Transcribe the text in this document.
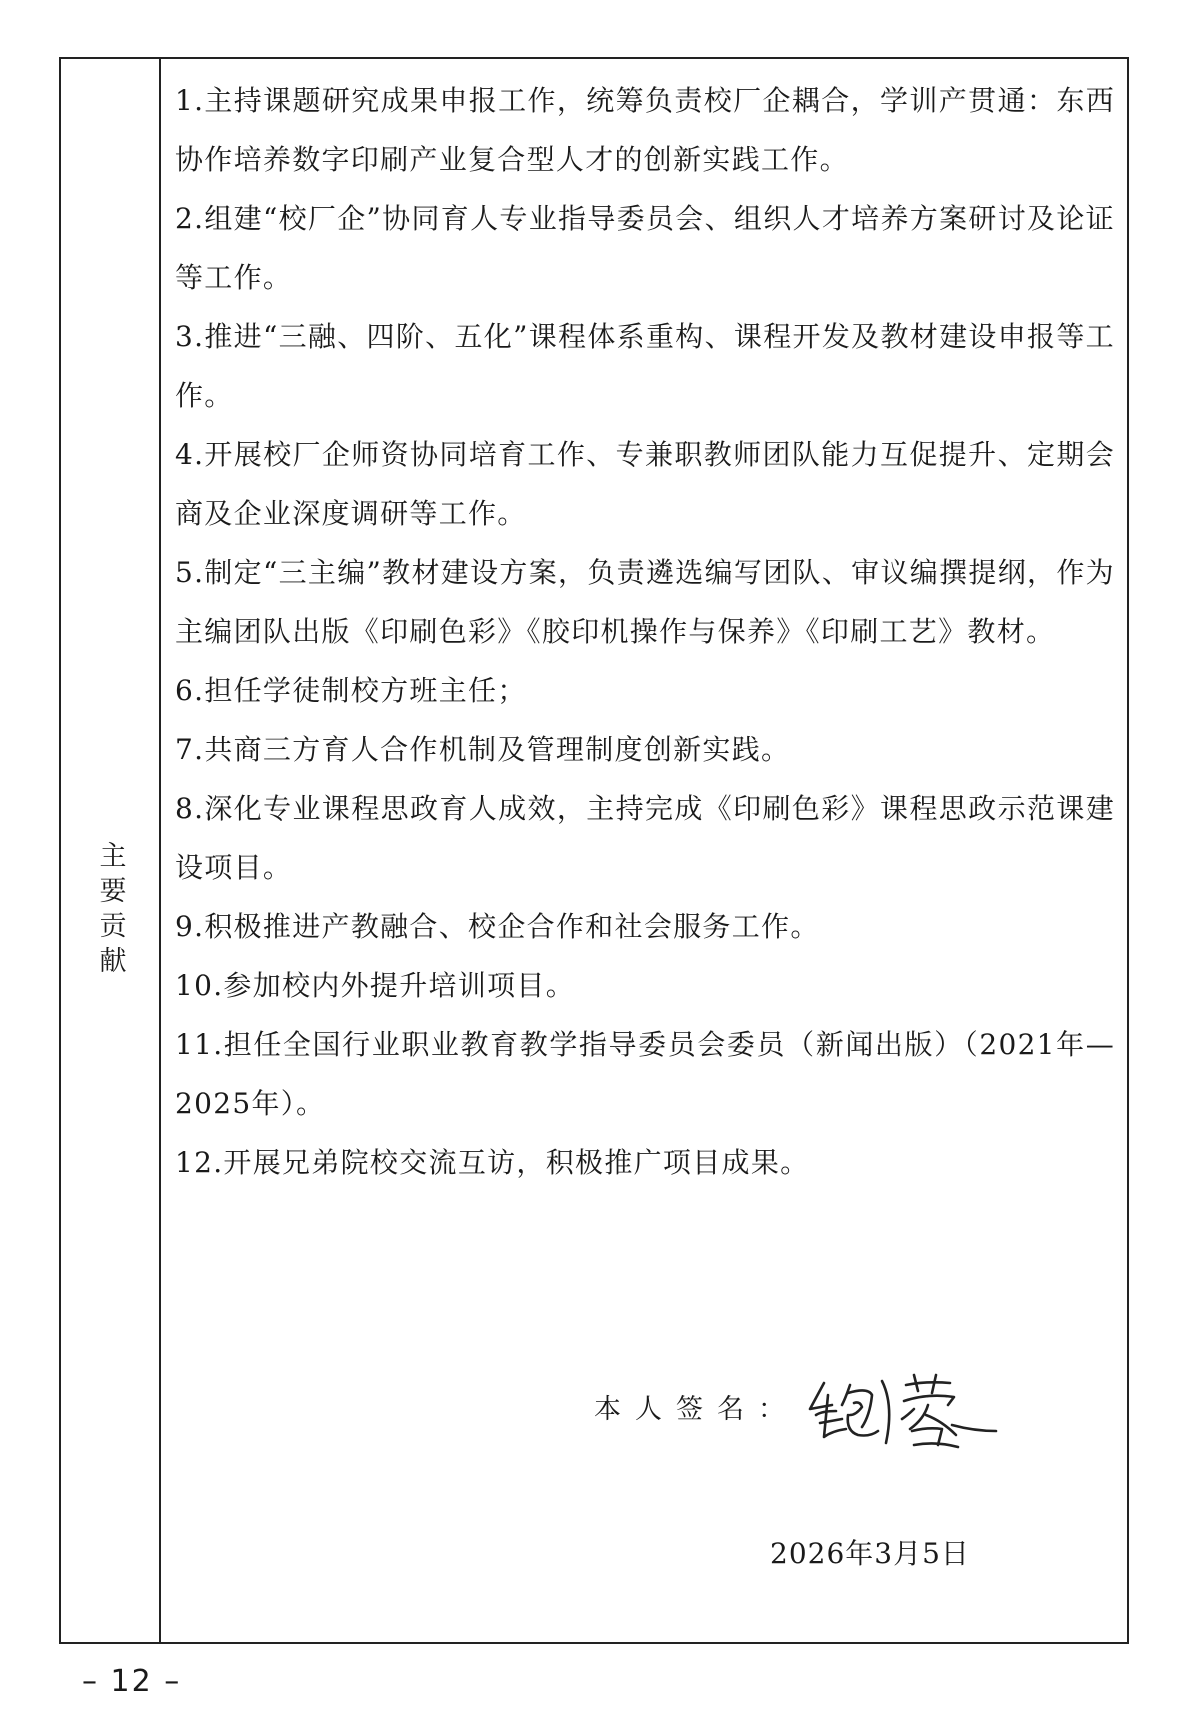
主要贡献

1.主持课题研究成果申报工作，统筹负责校厂企耦合，学训产贯通：东西协作培养数字印刷产业复合型人才的创新实践工作。

2.组建“校厂企”协同育人专业指导委员会、组织人才培养方案研讨及论证等工作。

3.推进“三融、四阶、五化”课程体系重构、课程开发及教材建设申报等工作。

4.开展校厂企师资协同培育工作、专兼职教师团队能力互促提升、定期会商及企业深度调研等工作。

5.制定“三主编”教材建设方案，负责遴选编写团队、审议编撰提纲，作为主编团队出版《印刷色彩》《胶印机操作与保养》《印刷工艺》教材。

6.担任学徒制校方班主任；

7.共商三方育人合作机制及管理制度创新实践。

8.深化专业课程思政育人成效，主持完成《印刷色彩》课程思政示范课建设项目。

9.积极推进产教融合、校企合作和社会服务工作。

10.参加校内外提升培训项目。

11.担任全国行业职业教育教学指导委员会委员（新闻出版）（2021年—2025年）。

12.开展兄弟院校交流互访，积极推广项目成果。

本人签名：
2026年3月5日
– 12 –
